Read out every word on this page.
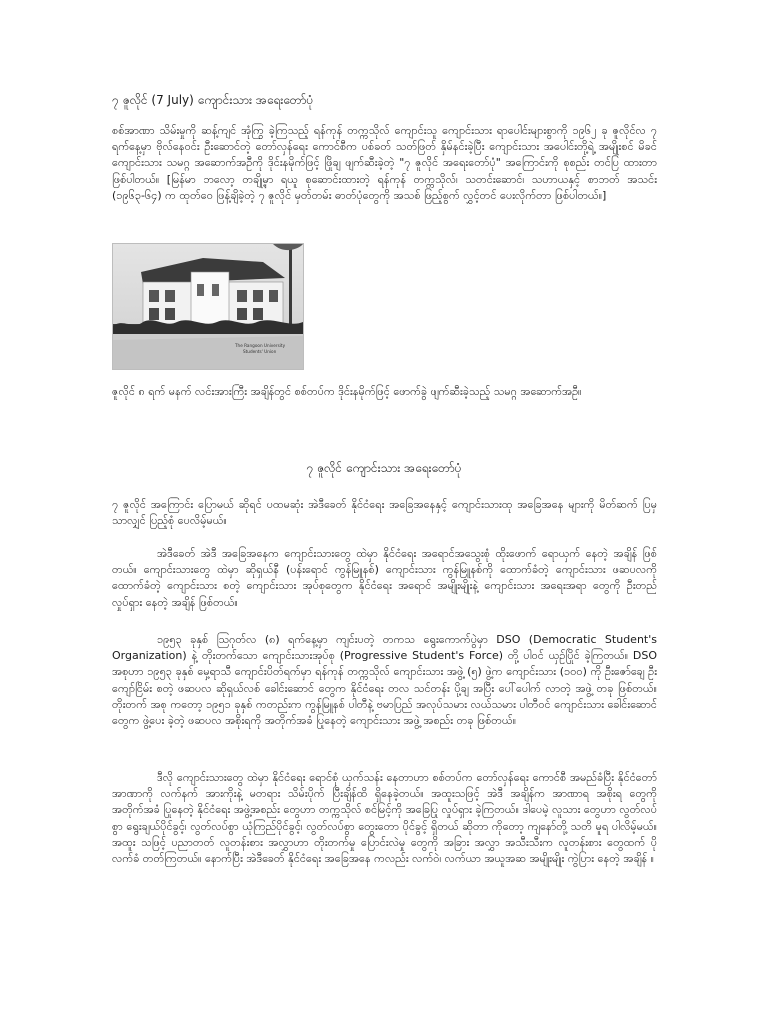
၇ ဇူလိုင် (7 July) ကျောင်းသား အရေးတော်ပုံ

စစ်အာဏာ သိမ်းမှုကို ဆန့်ကျင် အုံကြွ ခဲ့ကြသည့် ရန်ကုန် တက္ကသိုလ် ကျောင်းသူ ကျောင်းသား ရာပေါင်းများစွာကို ၁၉၆၂ ခု ဇူလိုင်လ ၇ ရက်နေ့မှာ ဗိုလ်နေဝင်း ဦးဆောင်တဲ့ တော်လှန်ရေး ကောင်စီက ပစ်ခတ် သတ်ဖြတ် နှိမ်နင်းခဲ့ပြီး ကျောင်းသား အပေါင်းတို့ရဲ့ အမျိုးစင် မိခင် ကျောင်းသား သမဂ္ဂ အဆောက်အဦကို ဒိုင်းနမိုက်ဖြင့် ဖြိုချ ဖျက်ဆီးခဲ့တဲ့ "၇ ဇူလိုင် အရေးတော်ပုံ" အကြောင်းကို စုစည်း တင်ပြ ထားတာ ဖြစ်ပါတယ်။ [မြန်မာ ဘလော့ တချို့မှာ ရယူ စုဆောင်းထားတဲ့ ရန်ကုန် တက္ကသိုလ်၊ သတင်းဆောင်၊ သဟာယနှင့် စာဘတ် အသင်း (၁၉၆၃-၆၄) က ထုတ်ဝေ ဖြန့်ချိခဲ့တဲ့ ၇ ဇူလိုင် မှတ်တမ်း ဓာတ်ပုံတွေကို အသစ် ဖြည့်စွက် လွှင့်တင် ပေးလိုက်တာ ဖြစ်ပါတယ်။]

The Rangoon University
Students' Union
ဇူလိုင် ၈ ရက် မနက် လင်းအားကြီး အချိန်တွင် စစ်တပ်က ဒိုင်းနမိုက်ဖြင့် ဖောက်ခွဲ ဖျက်ဆီးခဲ့သည့် သမဂ္ဂ အဆောက်အဦ။
၇ ဇူလိုင် ကျောင်းသား အရေးတော်ပုံ

၇ ဇူလိုင် အကြောင်း ပြောမယ် ဆိုရင် ပထမဆုံး အဲဒီခေတ် နိုင်ငံရေး အခြေအနေနှင့် ကျောင်းသားထု အခြေအနေ များကို မိတ်ဆက် ပြမှ သာလျှင် ပြည့်စုံ ပေလိမ့်မယ်။

အဲဒီခေတ် အဲဒီ အခြေအနေက ကျောင်းသားတွေ ထဲမှာ နိုင်ငံရေး အရောင်အသွေးစုံ ထိုးဖောက် ရောယှက် နေတဲ့ အချိန် ဖြစ်တယ်။ ကျောင်းသားတွေ ထဲမှာ ဆိုရှယ်နီ (ပန်းရောင် ကွန်မြူနစ်) ကျောင်းသား ကွန်မြူနစ်ကို ထောက်ခံတဲ့ ကျောင်းသား ဖဆပလကို ထောက်ခံတဲ့ ကျောင်းသား စတဲ့ ကျောင်းသား အုပ်စုတွေက နိုင်ငံရေး အရောင် အမျိုးမျိုးနဲ့ ကျောင်းသား အရေးအရာ တွေကို ဦးတည် လှုပ်ရှား နေတဲ့ အချိန် ဖြစ်တယ်။

၁၉၅၃ ခုနှစ် ဩဂုတ်လ (၈) ရက်နေ့မှာ ကျင်းပတဲ့ တကသ ရွေးကောက်ပွဲမှာ DSO (Democratic Student's Organization) နဲ့ တိုးတက်သော ကျောင်းသားအုပ်စု (Progressive Student's Force) တို့ ပါဝင် ယှဉ်ပြိုင် ခဲ့ကြတယ်။ DSO အစုဟာ ၁၉၅၃ ခုနှစ် မှေ့ရာသီ ကျောင်းပိတ်ရက်မှာ ရန်ကုန် တက္ကသိုလ် ကျောင်းသား အဖွဲ့ (၅) ဖွဲ့က ကျောင်းသား (၁၀၀) ကို ဦးဇော်ချေ ဦးကျော်ငြိမ်း စတဲ့ ဖဆပလ ဆိုရှယ်လစ် ခေါင်းဆောင် တွေက နိုင်ငံရေး တလ သင်တန်း ပို့ချ အပြီး ပေါ်ပေါက် လာတဲ့ အဖွဲ့ တခု ဖြစ်တယ်။ တိုးတက် အစု ကတော့ ၁၉၅၁ ခုနှစ် ကတည်းက ကွန်မြူနစ် ပါတီနဲ့ ဗမာပြည် အလုပ်သမား လယ်သမား ပါတီဝင် ကျောင်းသား ခေါင်းဆောင် တွေက ဖွဲ့ပေး ခဲ့တဲ့ ဖဆပလ အစိုးရကို အတိုက်အခံ ပြုနေတဲ့ ကျောင်းသား အဖွဲ့ အစည်း တခု ဖြစ်တယ်။

ဒီလို ကျောင်းသားတွေ ထဲမှာ နိုင်ငံရေး ရောင်စုံ ယှက်သန်း နေတာဟာ စစ်တပ်က တော်လှန်ရေး ကောင်စီ အမည်ခံပြီး နိုင်ငံတော် အာဏာကို လက်နက် အားကိုးနဲ့ မတရား သိမ်းပိုက် ပြီးချိန်ထိ ရှိနေခဲ့တယ်။ အထူးသဖြင့် အဲဒီ အချိန်က အာဏာရ အစိုးရ တွေကို အတိုက်အခံ ပြုနေတဲ့ နိုင်ငံရေး အဖွဲ့အစည်း တွေဟာ တက္ကသိုလ် စင်မြင့်ကို အခြေပြု လှုပ်ရှား ခဲ့ကြတယ်။ ဒါပေမဲ့ လူသား တွေဟာ လွတ်လပ်စွာ ရွေးချယ်ပိုင်ခွင့်၊ လွတ်လပ်စွာ ယုံကြည်ပိုင်ခွင့်၊ လွတ်လပ်စွာ တွေးတော ပိုင်ခွင့် ရှိတယ် ဆိုတာ ကိုတော့ ကျနော်တို့ သတိ မူရ ပါလိမ့်မယ်။ အထူး သဖြင့် ပညာတတ် လူတန်းစား အလွှာဟာ တိုးတက်မှု ပြောင်းလဲမှု တွေကို အခြား အလွှာ အသီးသီးက လူတန်းစား တွေထက် ပို လက်ခံ တတ်ကြတယ်။ နောက်ပြီး အဲဒီခေတ် နိုင်ငံရေး အခြေအနေ ကလည်း လက်ဝဲ၊ လက်ယာ အယူအဆ အမျိုးမျိုး ကွဲပြား နေတဲ့ အချိန် ။
